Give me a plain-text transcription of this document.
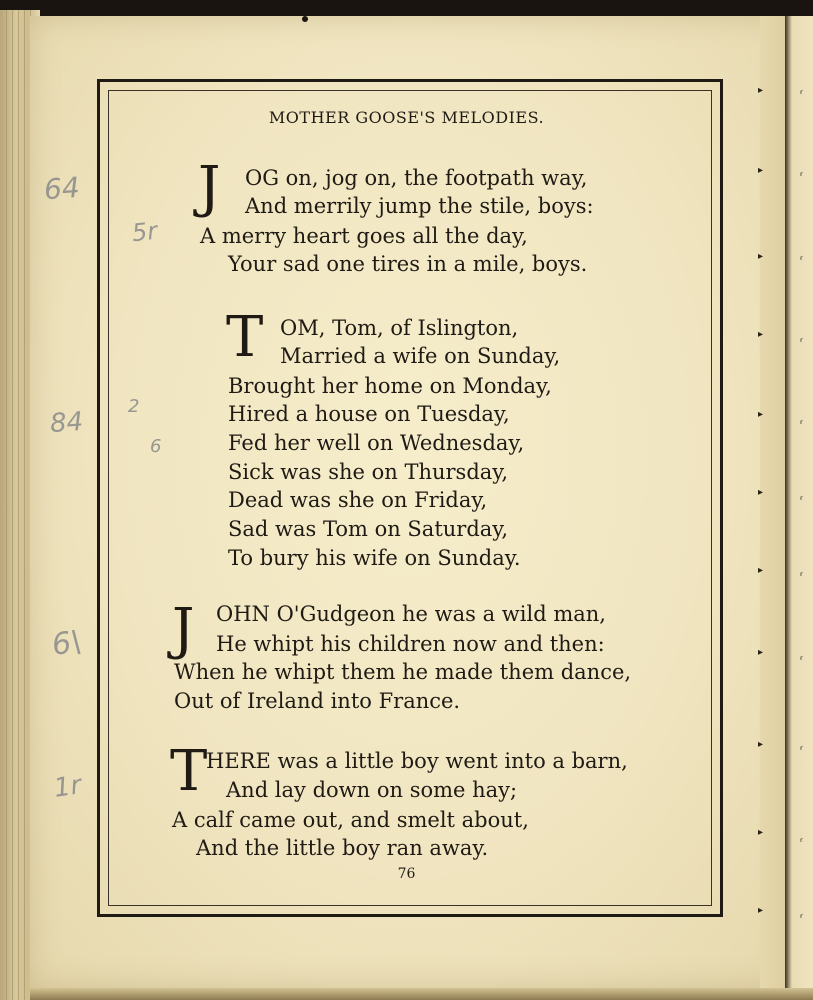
▸
▸
▸
▸
▸
▸
▸
▸
▸
▸
▸
ᵣ
ᵣ
ᵣ
ᵣ
ᵣ
ᵣ
ᵣ
ᵣ
ᵣ
ᵣ
ᵣ
64
5r
84
2
6
6\
1r
MOTHER GOOSE'S MELODIES.
J OG on, jog on, the footpath way,
And merrily jump the stile, boys:
A merry heart goes all the day,
Your sad one tires in a mile, boys.
T OM, Tom, of Islington,
Married a wife on Sunday,
Brought her home on Monday,
Hired a house on Tuesday,
Fed her well on Wednesday,
Sick was she on Thursday,
Dead was she on Friday,
Sad was Tom on Saturday,
To bury his wife on Sunday.
J OHN O'Gudgeon he was a wild man,
He whipt his children now and then:
When he whipt them he made them dance,
Out of Ireland into France.
T
HERE was a little boy went into a barn,
And lay down on some hay;
A calf came out, and smelt about,
And the little boy ran away.
76
